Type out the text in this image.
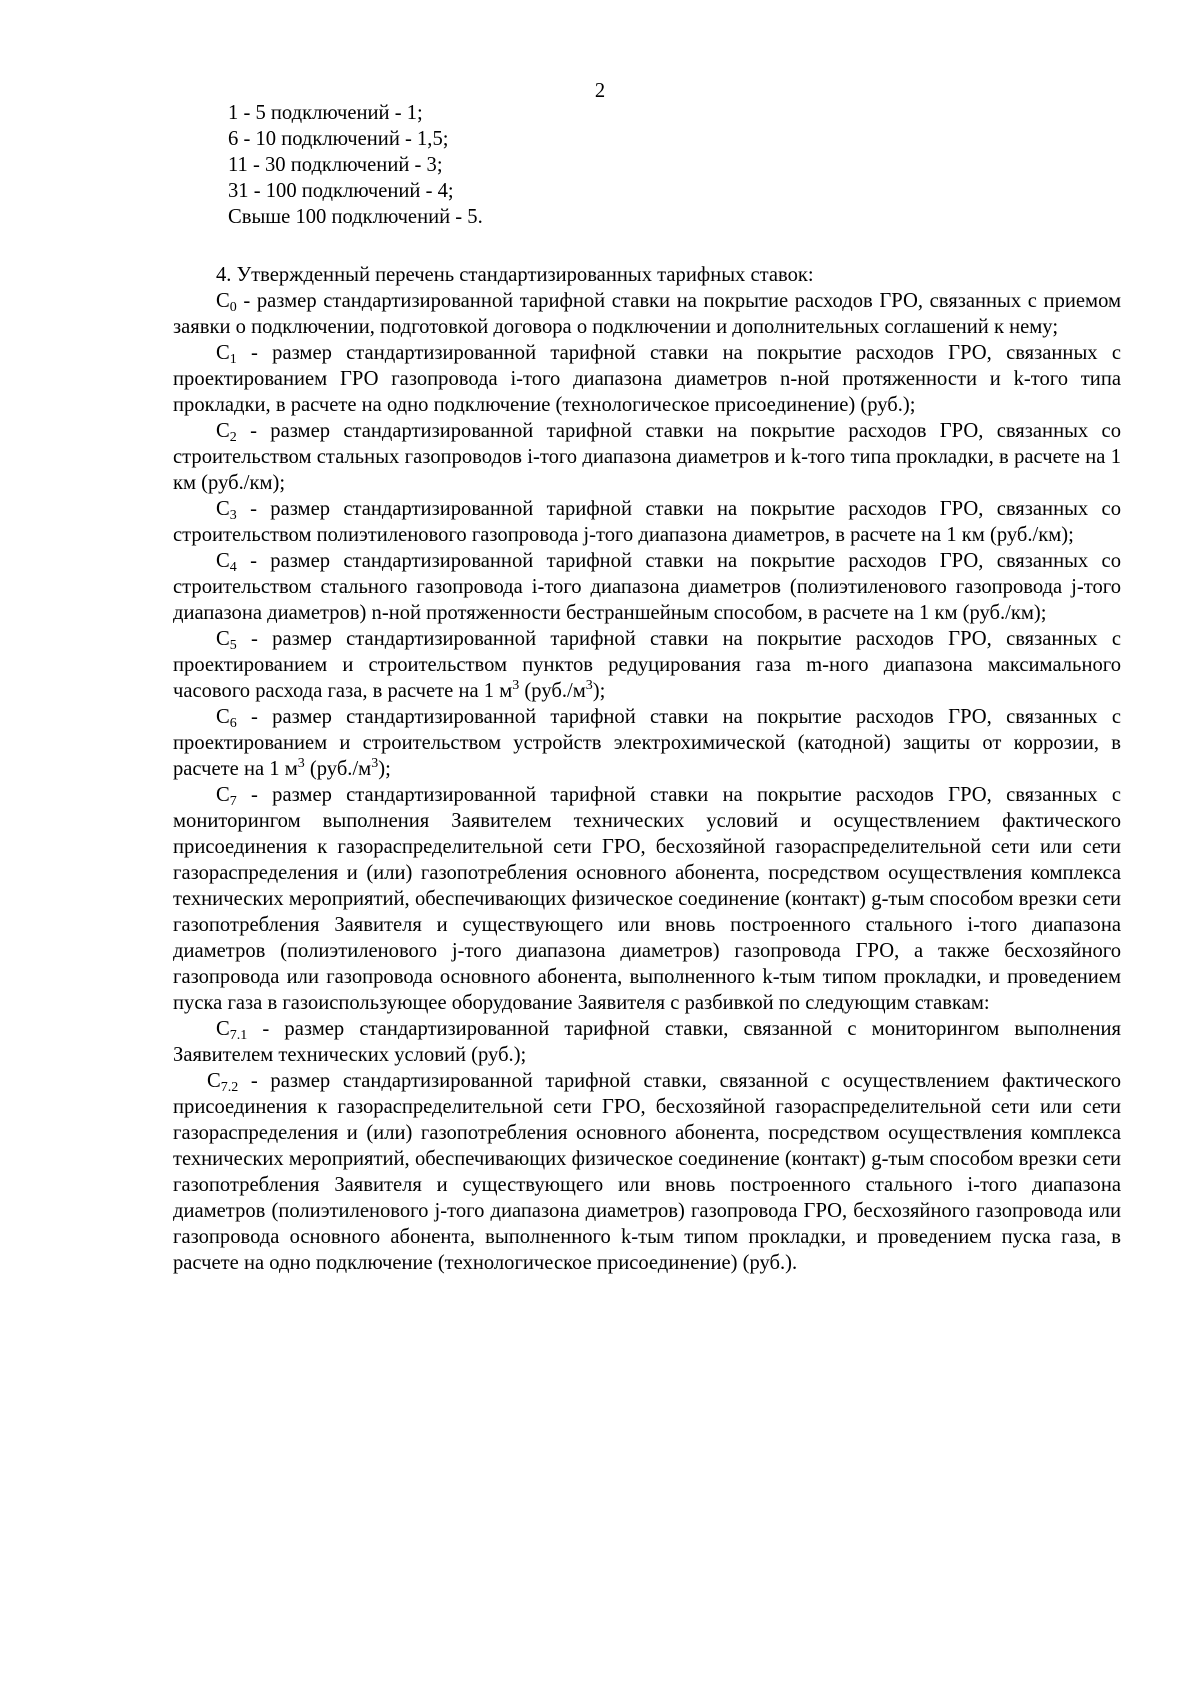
2
1 - 5 подключений - 1;
6 - 10 подключений - 1,5;
11 - 30 подключений - 3;
31 - 100 подключений - 4;
Свыше 100 подключений - 5.

4. Утвержденный перечень стандартизированных тарифных ставок:

$С_0$ - размер стандартизированной тарифной ставки на покрытие расходов ГРО, связанных с приемом заявки о подключении, подготовкой договора о подключении и дополнительных соглашений к нему;

$С_1$ - размер стандартизированной тарифной ставки на покрытие расходов ГРО, связанных с проектированием ГРО газопровода i-того диапазона диаметров n-ной протяженности и k-того типа прокладки, в расчете на одно подключение (технологическое присоединение) (руб.);

$С_2$ - размер стандартизированной тарифной ставки на покрытие расходов ГРО, связанных со строительством стальных газопроводов i-того диапазона диаметров и k-того типа прокладки, в расчете на 1 км (руб./км);

$С_3$ - размер стандартизированной тарифной ставки на покрытие расходов ГРО, связанных со строительством полиэтиленового газопровода j-того диапазона диаметров, в расчете на 1 км (руб./км);

$С_4$ - размер стандартизированной тарифной ставки на покрытие расходов ГРО, связанных со строительством стального газопровода i-того диапазона диаметров (полиэтиленового газопровода j-того диапазона диаметров) n-ной протяженности бестраншейным способом, в расчете на 1 км (руб./км);

$С_5$ - размер стандартизированной тарифной ставки на покрытие расходов ГРО, связанных с проектированием и строительством пунктов редуцирования газа m-ного диапазона максимального часового расхода газа, в расчете на 1 $м^3$ $(руб./м^3)$;

$С_6$ - размер стандартизированной тарифной ставки на покрытие расходов ГРО, связанных с проектированием и строительством устройств электрохимической (катодной) защиты от коррозии, в расчете на 1 $м^3$ $(руб./м^3)$;

$С_7$ - размер стандартизированной тарифной ставки на покрытие расходов ГРО, связанных с мониторингом выполнения Заявителем технических условий и осуществлением фактического присоединения к газораспределительной сети ГРО, бесхозяйной газораспределительной сети или сети газораспределения и (или) газопотребления основного абонента, посредством осуществления комплекса технических мероприятий, обеспечивающих физическое соединение (контакт) g-тым способом врезки сети газопотребления Заявителя и существующего или вновь построенного стального i-того диапазона диаметров (полиэтиленового j-того диапазона диаметров) газопровода ГРО, а также бесхозяйного газопровода или газопровода основного абонента, выполненного k-тым типом прокладки, и проведением пуска газа в газоиспользующее оборудование Заявителя с разбивкой по следующим ставкам:

$С_{7.1}$ - размер стандартизированной тарифной ставки, связанной с мониторингом выполнения Заявителем технических условий (руб.);

$С_{7.2}$ - размер стандартизированной тарифной ставки, связанной с осуществлением фактического присоединения к газораспределительной сети ГРО, бесхозяйной газораспределительной сети или сети газораспределения и (или) газопотребления основного абонента, посредством осуществления комплекса технических мероприятий, обеспечивающих физическое соединение (контакт) g-тым способом врезки сети газопотребления Заявителя и существующего или вновь построенного стального i-того диапазона диаметров (полиэтиленового j-того диапазона диаметров) газопровода ГРО, бесхозяйного газопровода или газопровода основного абонента, выполненного k-тым типом прокладки, и проведением пуска газа, в расчете на одно подключение (технологическое присоединение) (руб.).
